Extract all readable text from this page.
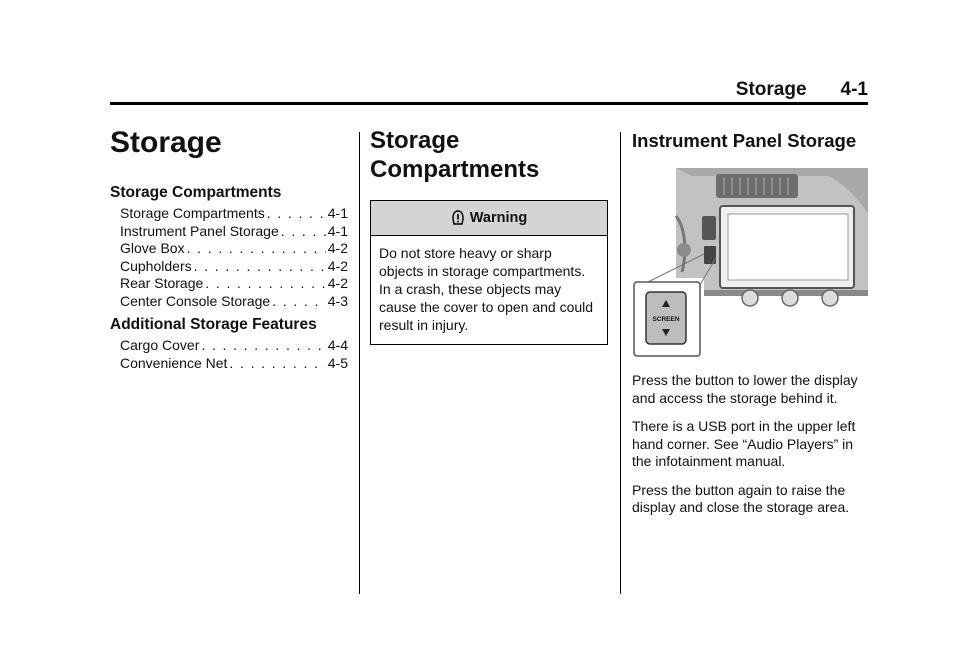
Storage 4-1
Storage
Storage Compartments
Storage Compartments . . .	4-1
Instrument Panel Storage . . .	4-1
Glove Box . . .	4-2
Cupholders . . .	4-2
Rear Storage . . .	4-2
Center Console Storage . . .	4-3
Additional Storage Features
Cargo Cover . . .	4-4
Convenience Net . . .	4-5
Storage
Compartments
Warning
Do not store heavy or sharp objects in storage compartments. In a crash, these objects may cause the cover to open and could result in injury.
Instrument Panel Storage
SCREEN

Press the button to lower the display and access the storage behind it.

There is a USB port in the upper left hand corner. See “Audio Players” in the infotainment manual.

Press the button again to raise the display and close the storage area.
